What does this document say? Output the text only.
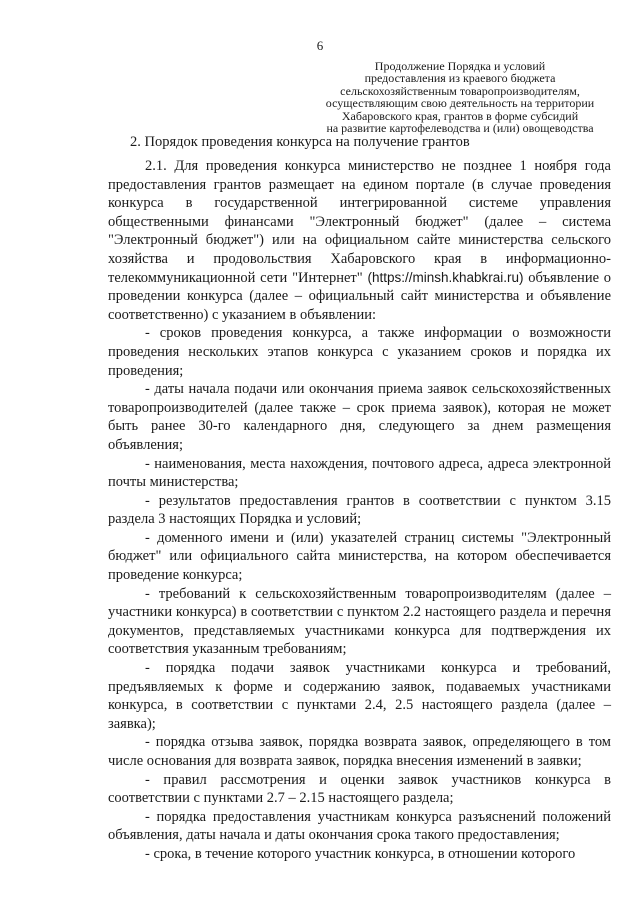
6
Продолжение Порядка и условий
предоставления из краевого бюджета
сельскохозяйственным товаропроизводителям,
осуществляющим свою деятельность на территории
Хабаровского края, грантов в форме субсидий
на развитие картофелеводства и (или) овощеводства
2. Порядок проведения конкурса на получение грантов

2.1. Для проведения конкурса министерство не позднее 1 ноября года предоставления грантов размещает на едином портале (в случае проведения конкурса в государственной интегрированной системе управления общественными финансами "Электронный бюджет" (далее – система "Электронный бюджет") или на официальном сайте министерства сельского хозяйства и продовольствия Хабаровского края в информационно-телекоммуникационной сети "Интернет" (https://minsh.khabkrai.ru) объявление о проведении конкурса (далее – официальный сайт министерства и объявление соответственно) с указанием в объявлении:

- сроков проведения конкурса, а также информации о возможности проведения нескольких этапов конкурса с указанием сроков и порядка их проведения;

- даты начала подачи или окончания приема заявок сельскохозяйственных товаропроизводителей (далее также – срок приема заявок), которая не может быть ранее 30-го календарного дня, следующего за днем размещения объявления;

- наименования, места нахождения, почтового адреса, адреса электронной почты министерства;

- результатов предоставления грантов в соответствии с пунктом 3.15 раздела 3 настоящих Порядка и условий;

- доменного имени и (или) указателей страниц системы "Электронный бюджет" или официального сайта министерства, на котором обеспечивается проведение конкурса;

- требований к сельскохозяйственным товаропроизводителям (далее – участники конкурса) в соответствии с пунктом 2.2 настоящего раздела и перечня документов, представляемых участниками конкурса для подтверждения их соответствия указанным требованиям;

- порядка подачи заявок участниками конкурса и требований, предъявляемых к форме и содержанию заявок, подаваемых участниками конкурса, в соответствии с пунктами 2.4, 2.5 настоящего раздела (далее – заявка);

- порядка отзыва заявок, порядка возврата заявок, определяющего в том числе основания для возврата заявок, порядка внесения изменений в заявки;

- правил рассмотрения и оценки заявок участников конкурса в соответствии с пунктами 2.7 – 2.15 настоящего раздела;

- порядка предоставления участникам конкурса разъяснений положений объявления, даты начала и даты окончания срока такого предоставления;

- срока, в течение которого участник конкурса, в отношении которого
